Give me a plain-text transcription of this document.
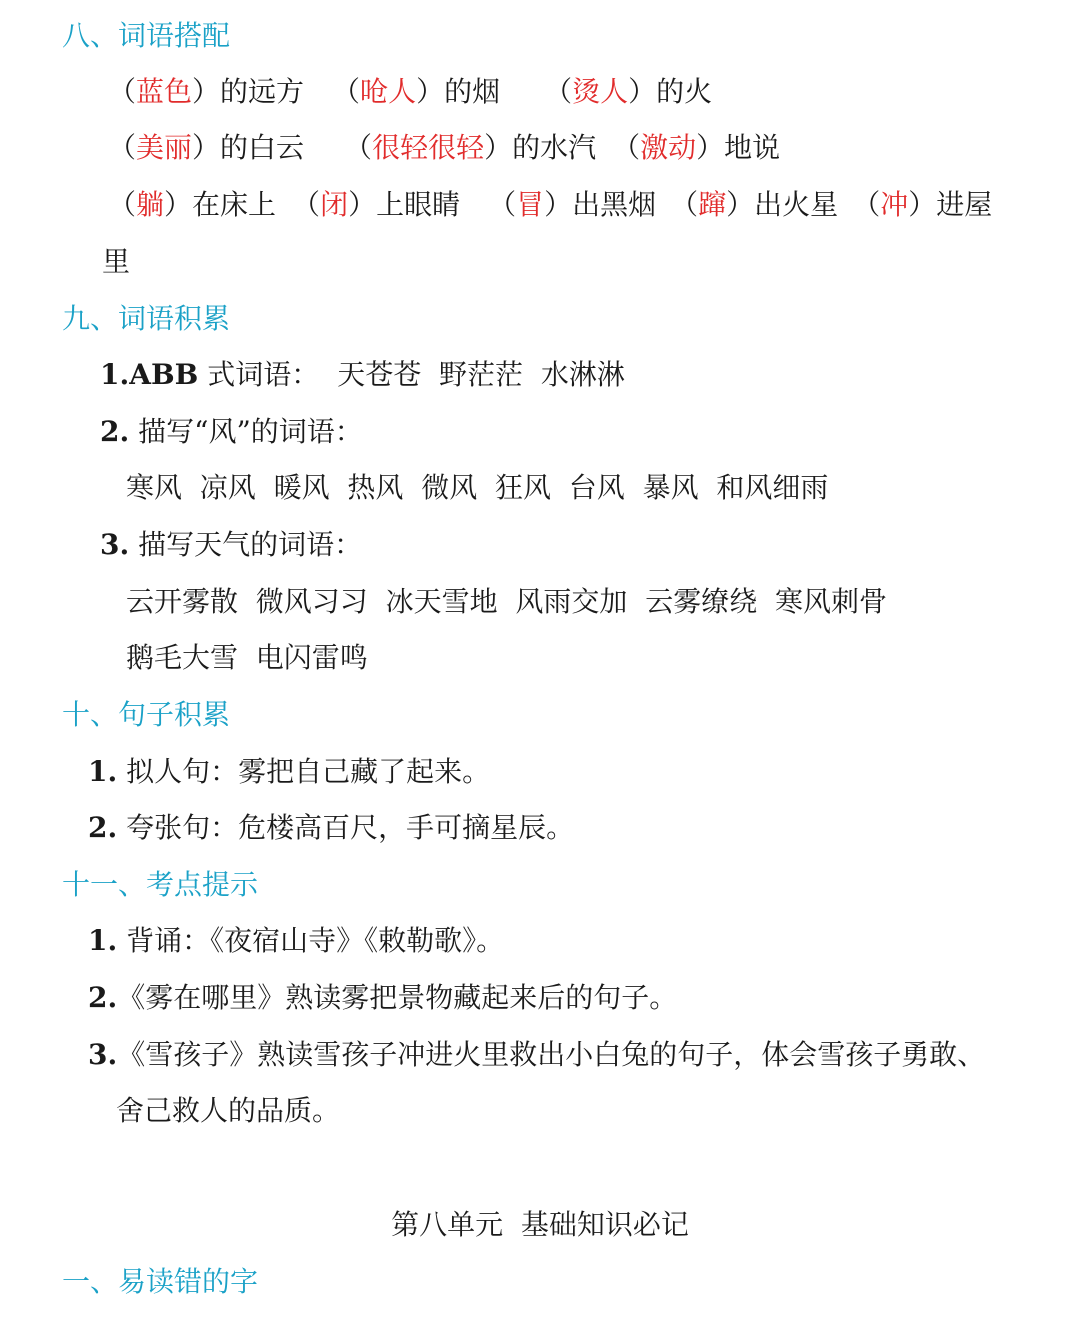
八、词语搭配
（蓝色）的远方 （呛人）的烟 （烫人）的火
（美丽）的白云 （很轻很轻）的水汽 （激动）地说
（躺）在床上 （闭）上眼睛 （冒）出黑烟 （蹿）出火星 （冲）进屋
里
九、词语积累
1.ABB 式词语： 天苍苍  野茫茫  水淋淋
2. 描写“风”的词语：
寒风  凉风  暖风  热风  微风  狂风  台风  暴风  和风细雨
3. 描写天气的词语：
云开雾散  微风习习  冰天雪地  风雨交加  云雾缭绕  寒风刺骨
鹅毛大雪  电闪雷鸣
十、句子积累
1. 拟人句：雾把自己藏了起来。
2. 夸张句：危楼高百尺，手可摘星辰。
十一、考点提示
1. 背诵：《夜宿山寺》《敕勒歌》。
2.《雾在哪里》熟读雾把景物藏起来后的句子。
3.《雪孩子》熟读雪孩子冲进火里救出小白兔的句子，体会雪孩子勇敢、
舍己救人的品质。
第八单元  基础知识必记
一、易读错的字
